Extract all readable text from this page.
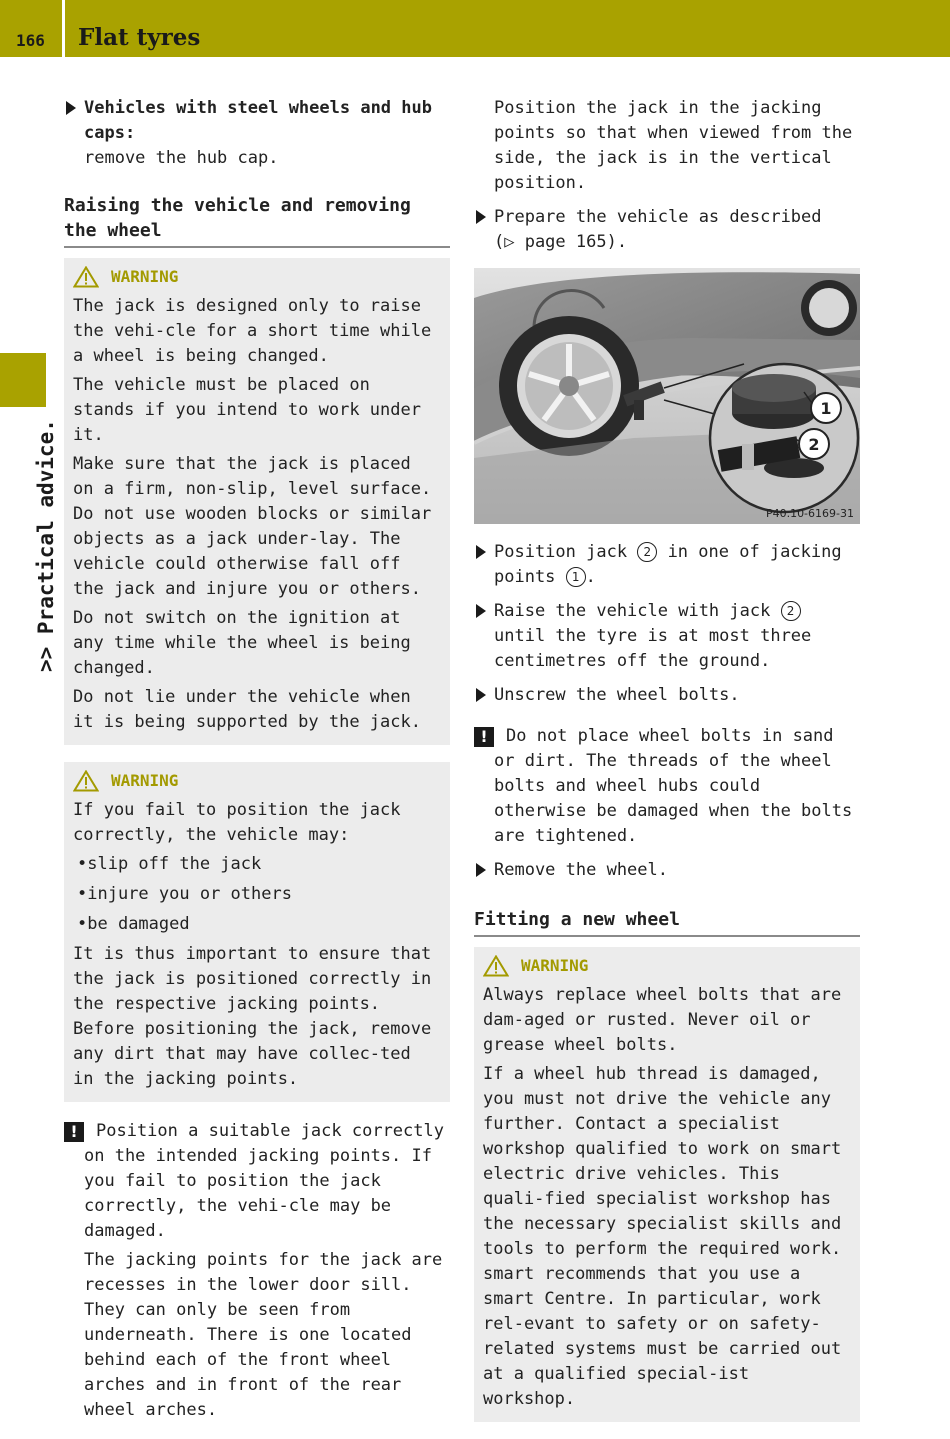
166 Flat tyres
>> Practical advice.
Vehicles with steel wheels and hub caps:
remove the hub cap.
Raising the vehicle and removing the wheel
WARNING

The jack is designed only to raise the vehi-cle for a short time while a wheel is being changed.

The vehicle must be placed on stands if you intend to work under it.

Make sure that the jack is placed on a firm, non-slip, level surface. Do not use wooden blocks or similar objects as a jack under-lay. The vehicle could otherwise fall off the jack and injure you or others.

Do not switch on the ignition at any time while the wheel is being changed.

Do not lie under the vehicle when it is being supported by the jack.

WARNING

If you fail to position the jack correctly, the vehicle may:

• slip off the jack
• injure you or others
• be damaged

It is thus important to ensure that the jack is positioned correctly in the respective jacking points. Before positioning the jack, remove any dirt that may have collec-ted in the jacking points.

!	Position a suitable jack correctly on the intended jacking points. If you fail to position the jack correctly, the vehi-cle may be damaged.

The jacking points for the jack are recesses in the lower door sill. They can only be seen from underneath. There is one located behind each of the front wheel arches and in front of the rear wheel arches.

Position the jack in the jacking points so that when viewed from the side, the jack is in the vertical position.

Prepare the vehicle as described
(▷ page 165).
1
2
P40.10-6169-31
Position jack 2 in one of jacking points 1 .
Raise the vehicle with jack 2 until the tyre is at most three centimetres off the ground.
Unscrew the wheel bolts.
!	Do not place wheel bolts in sand or dirt. The threads of the wheel bolts and wheel hubs could otherwise be damaged when the bolts are tightened.

Remove the wheel.
Fitting a new wheel
WARNING

Always replace wheel bolts that are dam-aged or rusted. Never oil or grease wheel bolts.

If a wheel hub thread is damaged, you must not drive the vehicle any further. Contact a specialist workshop qualified to work on smart electric drive vehicles. This quali-fied specialist workshop has the necessary specialist skills and tools to perform the required work. smart recommends that you use a smart Centre. In particular, work rel-evant to safety or on safety-related systems must be carried out at a qualified special-ist workshop.
